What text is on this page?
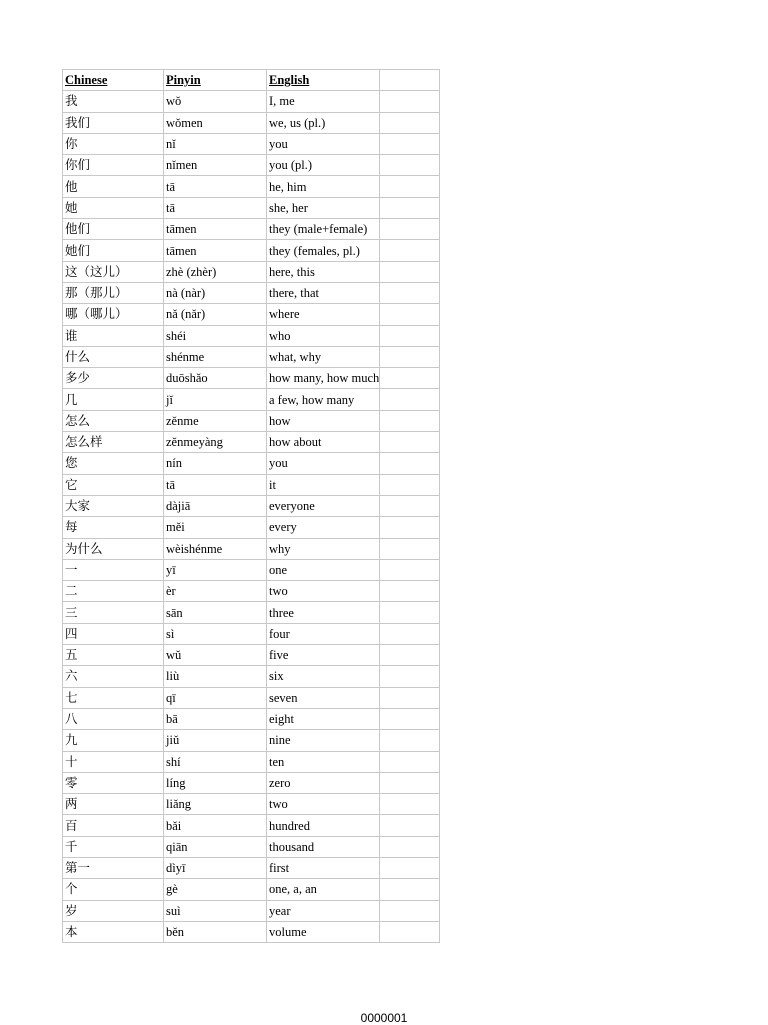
Chinese	Pinyin	English	
我	wǒ	I, me	
我们	wǒmen	we, us (pl.)	
你	nǐ	you	
你们	nǐmen	you (pl.)	
他	tā	he, him	
她	tā	she, her	
他们	tāmen	they (male+female)	
她们	tāmen	they (females, pl.)	
这（这儿）	zhè (zhèr)	here, this	
那（那儿）	nà (nàr)	there, that	
哪（哪儿）	nǎ (nǎr)	where	
谁	shéi	who	
什么	shénme	what, why	
多少	duōshǎo	how many, how much	
几	jǐ	a few, how many	
怎么	zěnme	how	
怎么样	zěnmeyàng	how about	
您	nín	you	
它	tā	it	
大家	dàjiā	everyone	
每	měi	every	
为什么	wèishénme	why	
一	yī	one	
二	èr	two	
三	sān	three	
四	sì	four	
五	wǔ	five	
六	liù	six	
七	qī	seven	
八	bā	eight	
九	jiǔ	nine	
十	shí	ten	
零	líng	zero	
两	liǎng	two	
百	bǎi	hundred	
千	qiān	thousand	
第一	dìyī	first	
个	gè	one, a, an	
岁	suì	year	
本	běn	volume	
0000001
